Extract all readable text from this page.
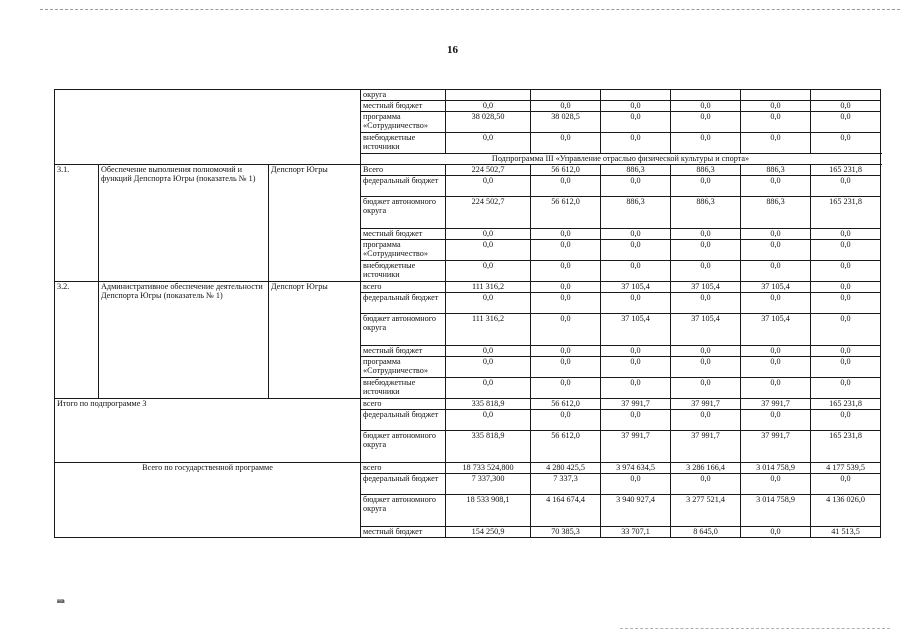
16
			округа						
			местный бюджет	0,0	0,0	0,0	0,0	0,0	0,0
			программа «Сотрудничество»	38 028,50	38 028,5	0,0	0,0	0,0	0,0
			внебюджетные источники	0,0	0,0	0,0	0,0	0,0	0,0
			Подпрограмма III «Управление отраслью физической культуры и спорта»						
3.1.	Обеспечение выполнения полномочий и функций Депспорта Югры (показатель № 1)	Депспорт Югры	Всего	224 502,7	56 612,0	886,3	886,3	886,3	165 231,8
			федеральный бюджет	0,0	0,0	0,0	0,0	0,0	0,0
			бюджет автономного округа	224 502,7	56 612,0	886,3	886,3	886,3	165 231,8
			местный бюджет	0,0	0,0	0,0	0,0	0,0	0,0
			программа «Сотрудничество»	0,0	0,0	0,0	0,0	0,0	0,0
			внебюджетные источники	0,0	0,0	0,0	0,0	0,0	0,0
3.2.	Административное обеспечение деятельности Депспорта Югры (показатель № 1)	Депспорт Югры	всего	111 316,2	0,0	37 105,4	37 105,4	37 105,4	0,0
			федеральный бюджет	0,0	0,0	0,0	0,0	0,0	0,0
			бюджет автономного округа	111 316,2	0,0	37 105,4	37 105,4	37 105,4	0,0
			местный бюджет	0,0	0,0	0,0	0,0	0,0	0,0
			программа «Сотрудничество»	0,0	0,0	0,0	0,0	0,0	0,0
			внебюджетные источники	0,0	0,0	0,0	0,0	0,0	0,0
Итого по подпрограмме 3			всего	335 818,9	56 612,0	37 991,7	37 991,7	37 991,7	165 231,8
			федеральный бюджет	0,0	0,0	0,0	0,0	0,0	0,0
			бюджет автономного округа	335 818,9	56 612,0	37 991,7	37 991,7	37 991,7	165 231,8
Всего по государственной программе			всего	18 733 524,800	4 280 425,5	3 974 634,5	3 286 166,4	3 014 758,9	4 177 539,5
			федеральный бюджет	7 337,300	7 337,3	0,0	0,0	0,0	0,0
			бюджет автономного округа	18 533 908,1	4 164 674,4	3 940 927,4	3 277 521,4	3 014 758,9	4 136 026,0
			местный бюджет	154 250,9	70 385,3	33 707,1	8 645,0	0,0	41 513,5
нв
